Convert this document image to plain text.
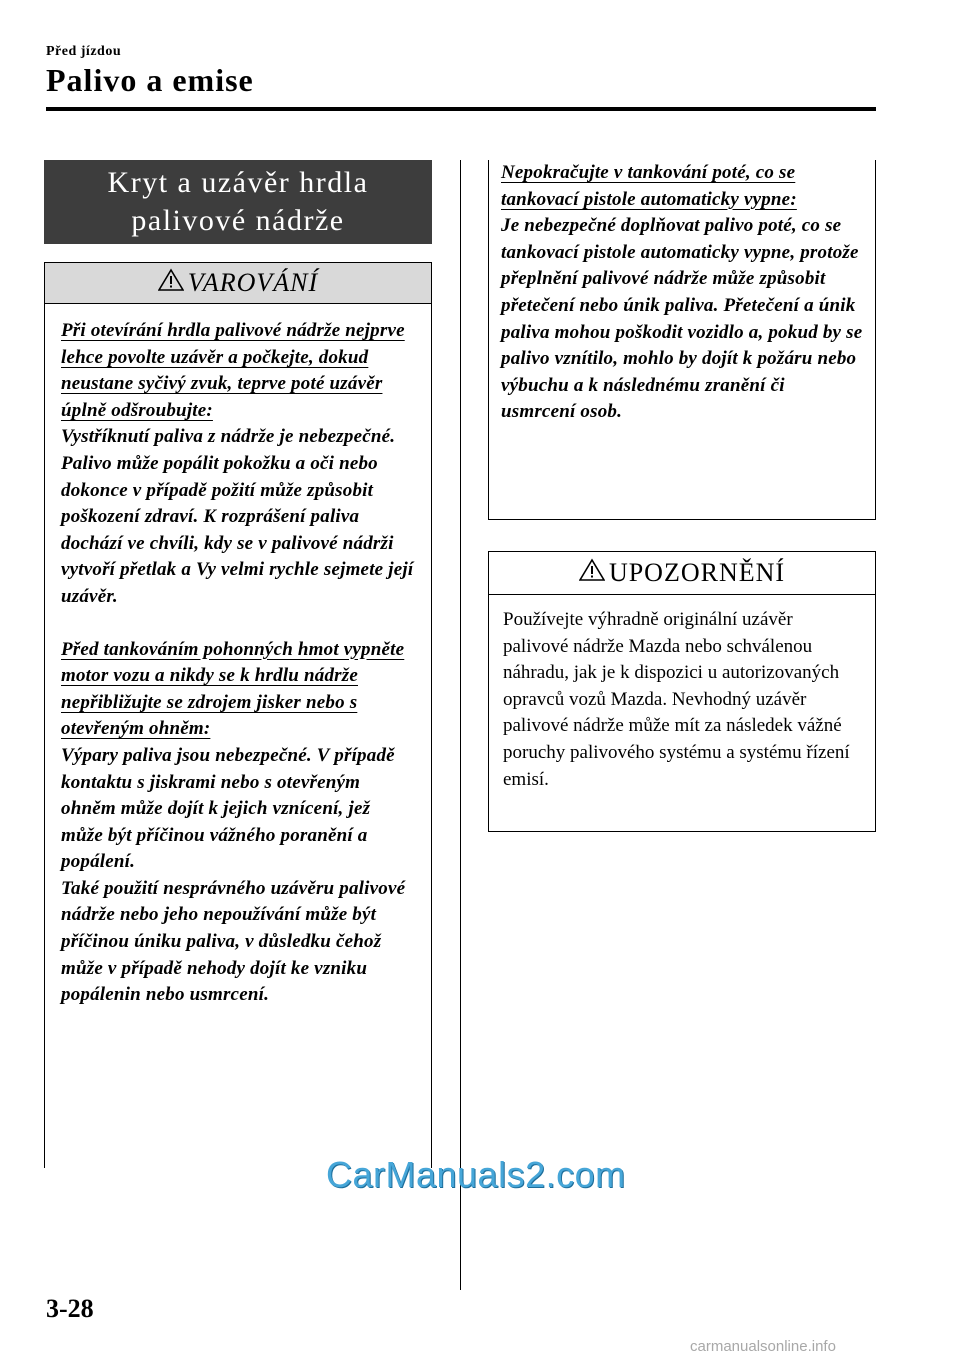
Před jízdou
Palivo a emise
Kryt a uzávěr hrdla
palivové nádrže
VAROVÁNÍ

Při otevírání hrdla palivové nádrže nejprve lehce povolte uzávěr a počkejte, dokud neustane syčivý zvuk, teprve poté uzávěr úplně odšroubujte:

Vystříknutí paliva z nádrže je nebezpečné. Palivo může popálit pokožku a oči nebo dokonce v případě požití může způsobit poškození zdraví. K rozprášení paliva dochází ve chvíli, kdy se v palivové nádrži vytvoří přetlak a Vy velmi rychle sejmete její uzávěr.

Před tankováním pohonných hmot vypněte motor vozu a nikdy se k hrdlu nádrže nepřibližujte se zdrojem jisker nebo s otevřeným ohněm:

Výpary paliva jsou nebezpečné. V případě kontaktu s jiskrami nebo s otevřeným ohněm může dojít k jejich vznícení, jež může být příčinou vážného poranění a popálení.

Také použití nesprávného uzávěru palivové nádrže nebo jeho nepoužívání může být příčinou úniku paliva, v důsledku čehož může v případě nehody dojít ke vzniku popálenin nebo usmrcení.

Nepokračujte v tankování poté, co se tankovací pistole automaticky vypne:

Je nebezpečné doplňovat palivo poté, co se tankovací pistole automaticky vypne, protože přeplnění palivové nádrže může způsobit přetečení nebo únik paliva. Přetečení a únik paliva mohou poškodit vozidlo a, pokud by se palivo vznítilo, mohlo by dojít k požáru nebo výbuchu a k následnému zranění či usmrcení osob.

UPOZORNĚNÍ

Používejte výhradně originální uzávěr palivové nádrže Mazda nebo schválenou náhradu, jak je k dispozici u autorizovaných opravců vozů Mazda. Nevhodný uzávěr palivové nádrže může mít za následek vážné poruchy palivového systému a systému řízení emisí.

3-28
CarManuals2.com
carmanualsonline.info
